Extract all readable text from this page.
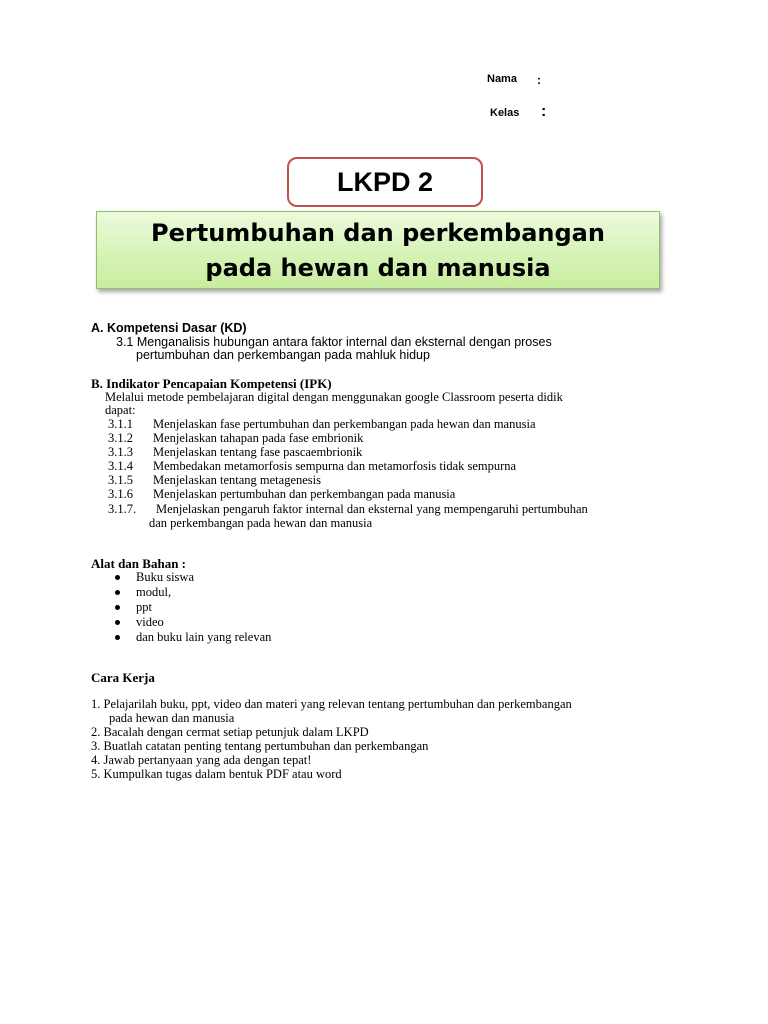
Nama :
Kelas :
LKPD 2
Pertumbuhan dan perkembangan
pada hewan dan manusia
A. Kompetensi Dasar (KD)
3.1 Menganalisis hubungan antara faktor internal dan eksternal dengan proses
pertumbuhan dan perkembangan pada mahluk hidup
B. Indikator Pencapaian Kompetensi (IPK)
Melalui metode pembelajaran digital dengan menggunakan google Classroom peserta didik
dapat:
3.1.1 Menjelaskan fase pertumbuhan dan perkembangan pada hewan dan manusia
3.1.2 Menjelaskan tahapan pada fase embrionik
3.1.3 Menjelaskan tentang fase pascaembrionik
3.1.4 Membedakan metamorfosis sempurna dan metamorfosis tidak sempurna
3.1.5 Menjelaskan tentang metagenesis
3.1.6 Menjelaskan pertumbuhan dan perkembangan pada manusia
3.1.7. Menjelaskan pengaruh faktor internal dan eksternal yang mempengaruhi pertumbuhan
dan perkembangan pada hewan dan manusia
Alat dan Bahan :
Buku siswa
modul,
ppt
video
dan buku lain yang relevan
Cara Kerja
1. Pelajarilah buku, ppt, video dan materi yang relevan tentang pertumbuhan dan perkembangan
pada hewan dan manusia
2. Bacalah dengan cermat setiap petunjuk dalam LKPD
3. Buatlah catatan penting tentang pertumbuhan dan perkembangan
4. Jawab pertanyaan yang ada dengan tepat!
5. Kumpulkan tugas dalam bentuk PDF atau word
